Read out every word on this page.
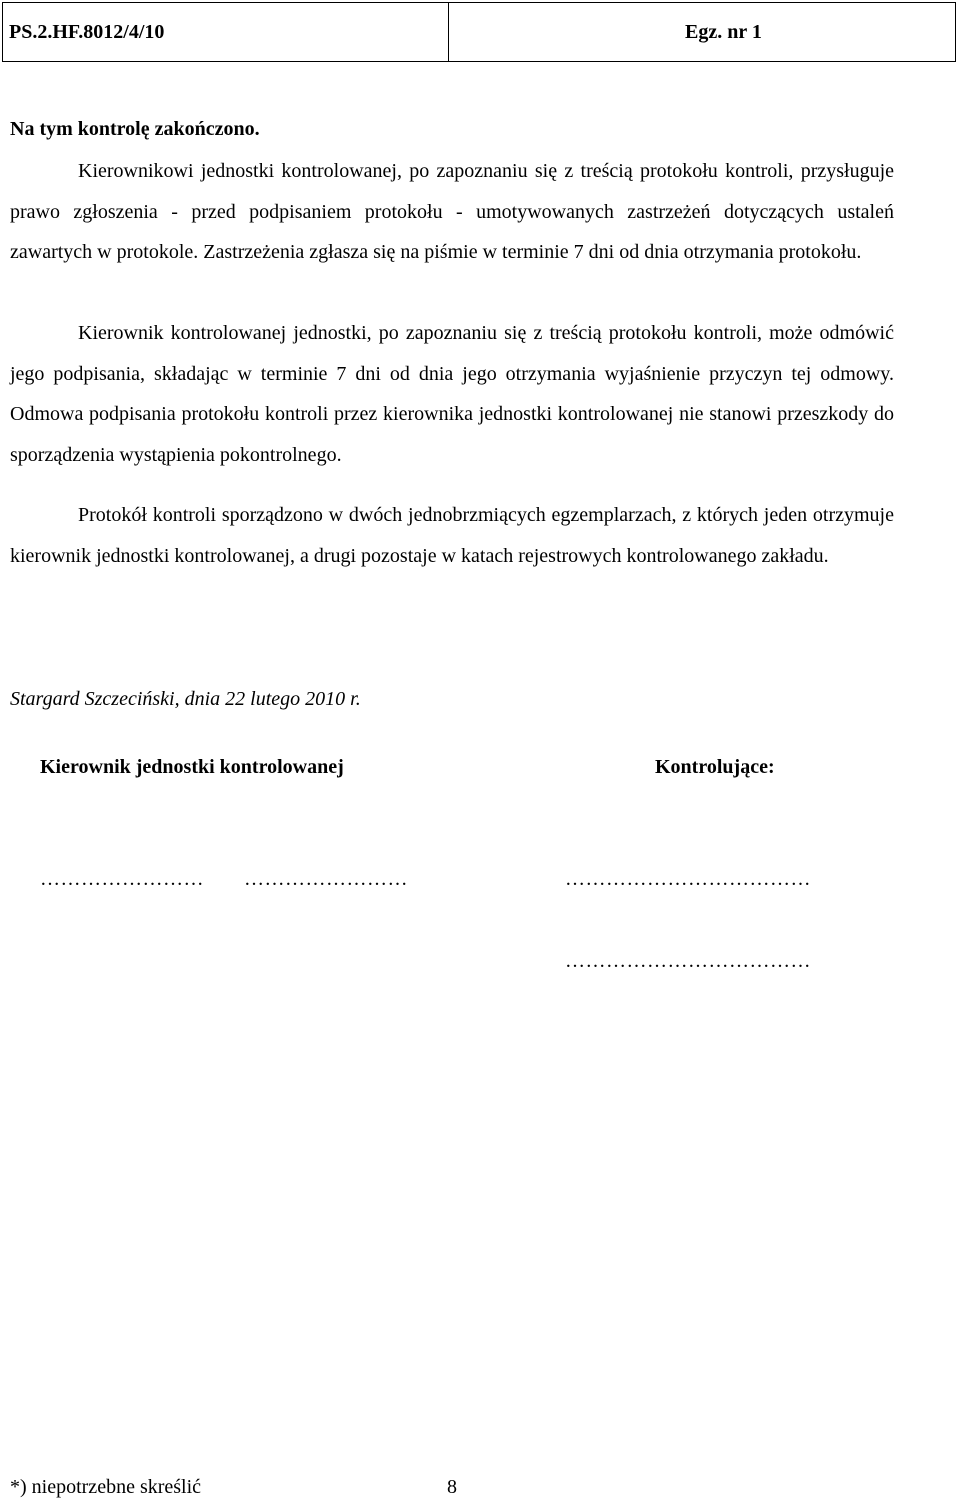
PS.2.HF.8012/4/10	Egz. nr 1
Na tym kontrolę zakończono.

Kierownikowi jednostki kontrolowanej, po zapoznaniu się z treścią protokołu kontroli, przysługuje prawo zgłoszenia - przed podpisaniem protokołu - umotywowanych zastrzeżeń dotyczących ustaleń zawartych w protokole. Zastrzeżenia zgłasza się na piśmie w terminie 7 dni od dnia otrzymania protokołu.

Kierownik kontrolowanej jednostki, po zapoznaniu się z treścią protokołu kontroli, może odmówić jego podpisania, składając w terminie 7 dni od dnia jego otrzymania wyjaśnienie przyczyn tej odmowy. Odmowa podpisania protokołu kontroli przez kierownika jednostki kontrolowanej nie stanowi przeszkody do sporządzenia wystąpienia pokontrolnego.

Protokół kontroli sporządzono w dwóch jednobrzmiących egzemplarzach, z których jeden otrzymuje kierownik jednostki kontrolowanej, a drugi pozostaje w katach rejestrowych kontrolowanego zakładu.

Stargard Szczeciński, dnia 22 lutego 2010 r.
Kierownik jednostki kontrolowanej	Kontrolujące:
…………………… ……………………	………………………………
………………………………
*) niepotrzebne skreślić	8
